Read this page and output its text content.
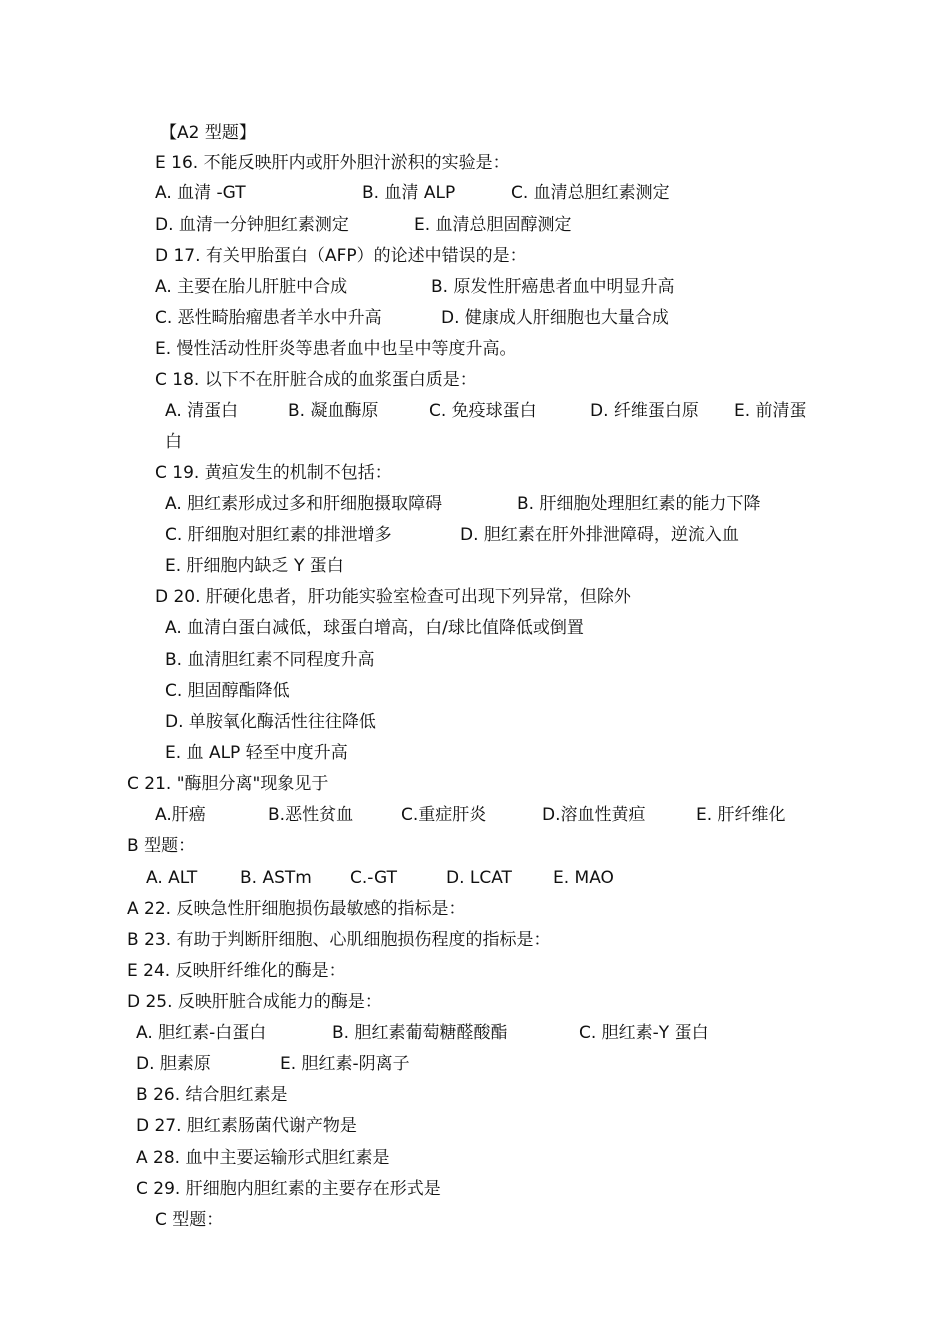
【A2 型题】
E 16. 不能反映肝内或肝外胆汁淤积的实验是：
A. 血清 -GT	B. 血清 ALP	C. 血清总胆红素测定
D. 血清一分钟胆红素测定	E. 血清总胆固醇测定
D 17. 有关甲胎蛋白（AFP）的论述中错误的是：
A. 主要在胎儿肝脏中合成	B. 原发性肝癌患者血中明显升高
C. 恶性畸胎瘤患者羊水中升高	D. 健康成人肝细胞也大量合成
E. 慢性活动性肝炎等患者血中也呈中等度升高。
C 18. 以下不在肝脏合成的血浆蛋白质是：
A. 清蛋白	B. 凝血酶原	C. 免疫球蛋白	D. 纤维蛋白原 E. 前清蛋
白
C 19. 黄疸发生的机制不包括：
A. 胆红素形成过多和肝细胞摄取障碍	B. 肝细胞处理胆红素的能力下降
C. 肝细胞对胆红素的排泄增多	D. 胆红素在肝外排泄障碍，逆流入血
E. 肝细胞内缺乏 Y 蛋白
D 20. 肝硬化患者，肝功能实验室检查可出现下列异常，但除外
A. 血清白蛋白减低，球蛋白增高，白/球比值降低或倒置
B. 血清胆红素不同程度升高
C. 胆固醇酯降低
D. 单胺氧化酶活性往往降低
E. 血 ALP 轻至中度升高
C 21. "酶胆分离"现象见于
A.肝癌	B.恶性贫血	C.重症肝炎	D.溶血性黄疸	E. 肝纤维化
B 型题：
A. ALT	B. ASTm C.-GT	D. LCAT E. MAO
A 22. 反映急性肝细胞损伤最敏感的指标是：
B 23. 有助于判断肝细胞、心肌细胞损伤程度的指标是：
E 24. 反映肝纤维化的酶是：
D 25. 反映肝脏合成能力的酶是：
A. 胆红素-白蛋白	B. 胆红素葡萄糖醛酸酯	C. 胆红素-Y 蛋白
D. 胆素原	E. 胆红素-阴离子
B 26. 结合胆红素是
D 27. 胆红素肠菌代谢产物是
A 28. 血中主要运输形式胆红素是
C 29. 肝细胞内胆红素的主要存在形式是
C 型题：
